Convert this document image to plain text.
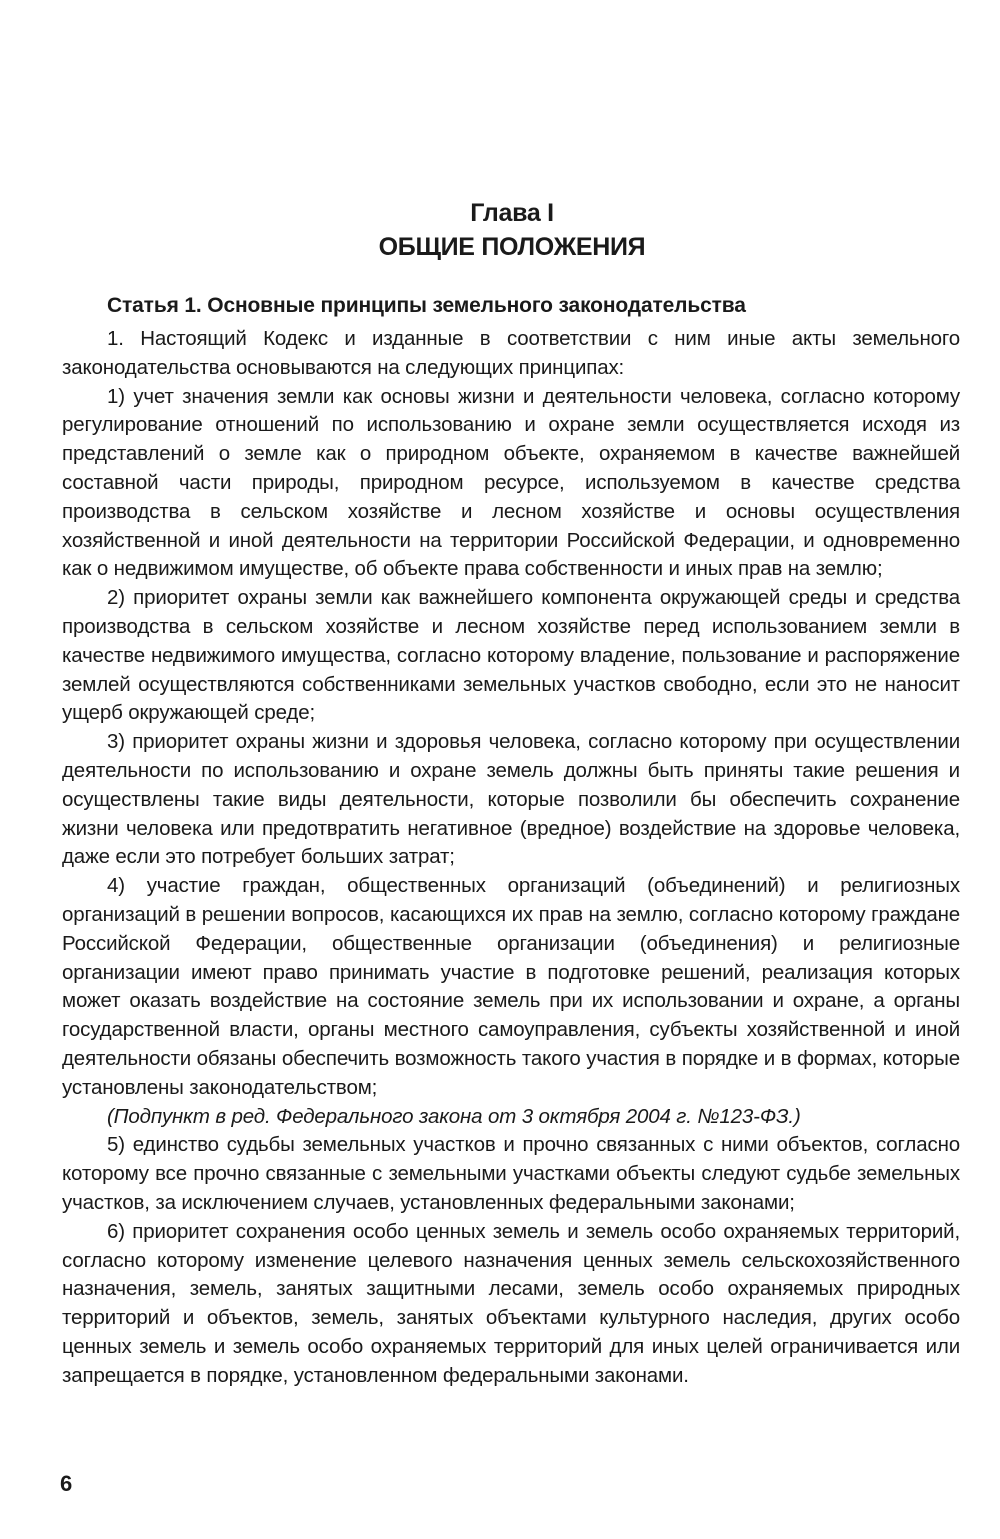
Глава I
ОБЩИЕ ПОЛОЖЕНИЯ

Статья 1. Основные принципы земельного законодательства

1. Настоящий Кодекс и изданные в соответствии с ним иные акты земельного законодательства основываются на следующих принципах:

1) учет значения земли как основы жизни и деятельности человека, согласно которому регулирование отношений по использованию и охране земли осуществляется исходя из представлений о земле как о природном объекте, охраняемом в качестве важнейшей составной части природы, природном ресурсе, используемом в качестве средства производства в сельском хозяйстве и лесном хозяйстве и основы осуществления хозяйственной и иной деятельности на территории Российской Федерации, и одновременно как о недвижимом имуществе, об объекте права собственности и иных прав на землю;

2) приоритет охраны земли как важнейшего компонента окружающей среды и средства производства в сельском хозяйстве и лесном хозяйстве перед использованием земли в качестве недвижимого имущества, согласно которому владение, пользование и распоряжение землей осуществляются собственниками земельных участков свободно, если это не наносит ущерб окружающей среде;

3) приоритет охраны жизни и здоровья человека, согласно которому при осуществлении деятельности по использованию и охране земель должны быть приняты такие решения и осуществлены такие виды деятельности, которые позволили бы обеспечить сохранение жизни человека или предотвратить негативное (вредное) воздействие на здоровье человека, даже если это потребует больших затрат;

4) участие граждан, общественных организаций (объединений) и религиозных организаций в решении вопросов, касающихся их прав на землю, согласно которому граждане Российской Федерации, общественные организации (объединения) и религиозные организации имеют право принимать участие в подготовке решений, реализация которых может оказать воздействие на состояние земель при их использовании и охране, а органы государственной власти, органы местного самоуправления, субъекты хозяйственной и иной деятельности обязаны обеспечить возможность такого участия в порядке и в формах, которые установлены законодательством;

(Подпункт в ред. Федерального закона от 3 октября 2004 г. №123-ФЗ.)

5) единство судьбы земельных участков и прочно связанных с ними объектов, согласно которому все прочно связанные с земельными участками объекты следуют судьбе земельных участков, за исключением случаев, установленных федеральными законами;

6) приоритет сохранения особо ценных земель и земель особо охраняемых территорий, согласно которому изменение целевого назначения ценных земель сельскохозяйственного назначения, земель, занятых защитными лесами, земель особо охраняемых природных территорий и объектов, земель, занятых объектами культурного наследия, других особо ценных земель и земель особо охраняемых территорий для иных целей ограничивается или запрещается в порядке, установленном федеральными законами.

6
